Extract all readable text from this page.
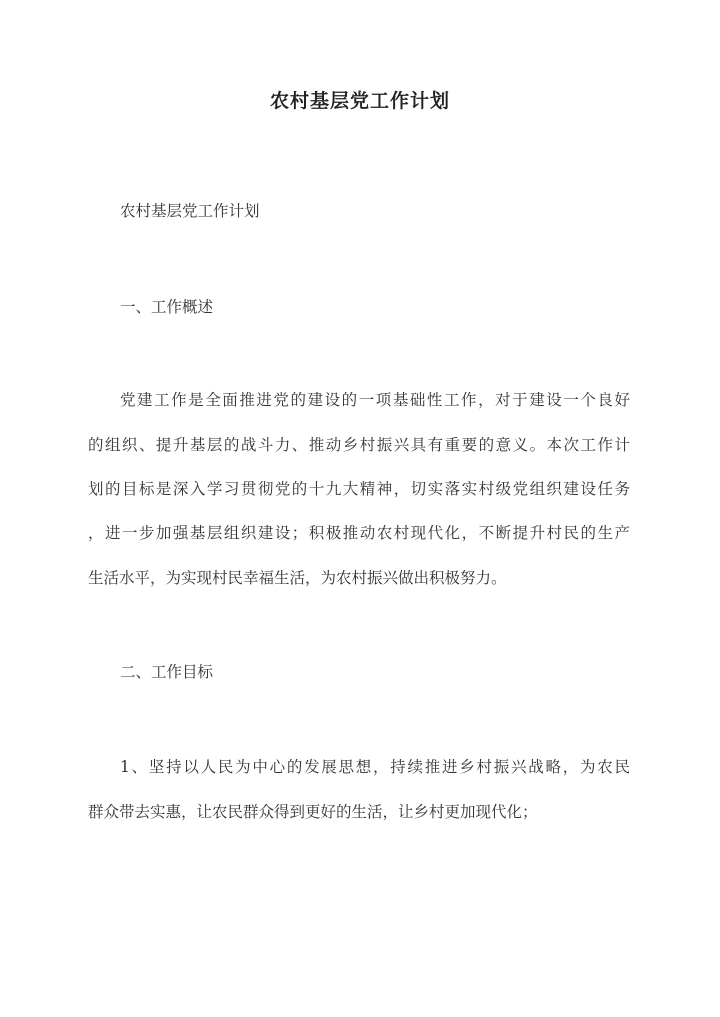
农村基层党工作计划
农村基层党工作计划
一、工作概述
党建工作是全面推进党的建设的一项基础性工作，对于建设一个良好
的组织、提升基层的战斗力、推动乡村振兴具有重要的意义。本次工作计
划的目标是深入学习贯彻党的十九大精神，切实落实村级党组织建设任务
，进一步加强基层组织建设；积极推动农村现代化，不断提升村民的生产
生活水平，为实现村民幸福生活，为农村振兴做出积极努力。
二、工作目标
1、坚持以人民为中心的发展思想，持续推进乡村振兴战略，为农民
群众带去实惠，让农民群众得到更好的生活，让乡村更加现代化；
